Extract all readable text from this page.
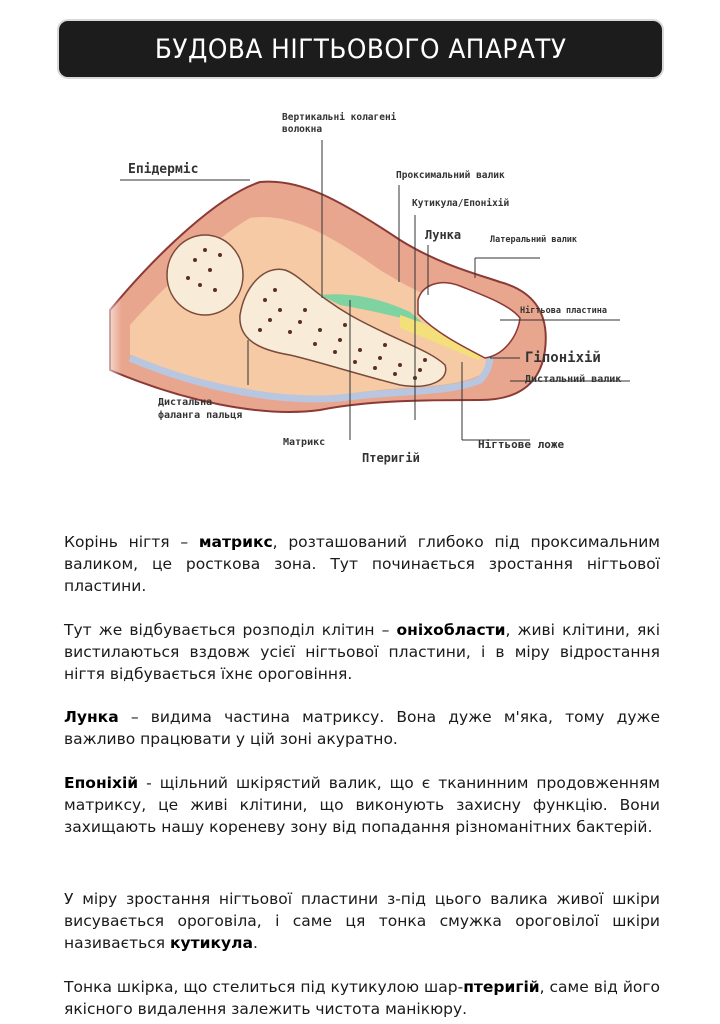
БУДОВА НІГТЬОВОГО АПАРАТУ
Епідерміс
Вертикальні колагені
волокна
Проксимальний валик
Кутикула/Епоніхій
Лунка	Латеральний валик
Нігтьова пластина
Гіпоніхій
Дистальний валик
Нігтьове ложе
Птеригій
Матрикс
Дистальна
фаланга пальця

Корінь нігтя – матрикс, розташований глибоко під проксимальним валиком, це росткова зона. Тут починається зростання нігтьової пластини.

Тут же відбувається розподіл клітин – оніхобласти, живі клітини, які вистилаються вздовж усієї нігтьової пластини, і в міру відростання нігтя відбувається їхнє ороговіння.

Лунка – видима частина матриксу. Вона дуже м'яка, тому дуже важливо працювати у цій зоні акуратно.

Епоніхій - щільний шкірястий валик, що є тканинним продовженням матриксу, це живі клітини, що виконують захисну функцію. Вони захищають нашу кореневу зону від попадання різноманітних бактерій.

У міру зростання нігтьової пластини з-під цього валика живої шкіри висувається ороговіла, і саме ця тонка смужка ороговілої шкіри називається кутикула.

Тонка шкірка, що стелиться під кутикулою шар-птеригій, саме від його якісного видалення залежить чистота манікюру.
